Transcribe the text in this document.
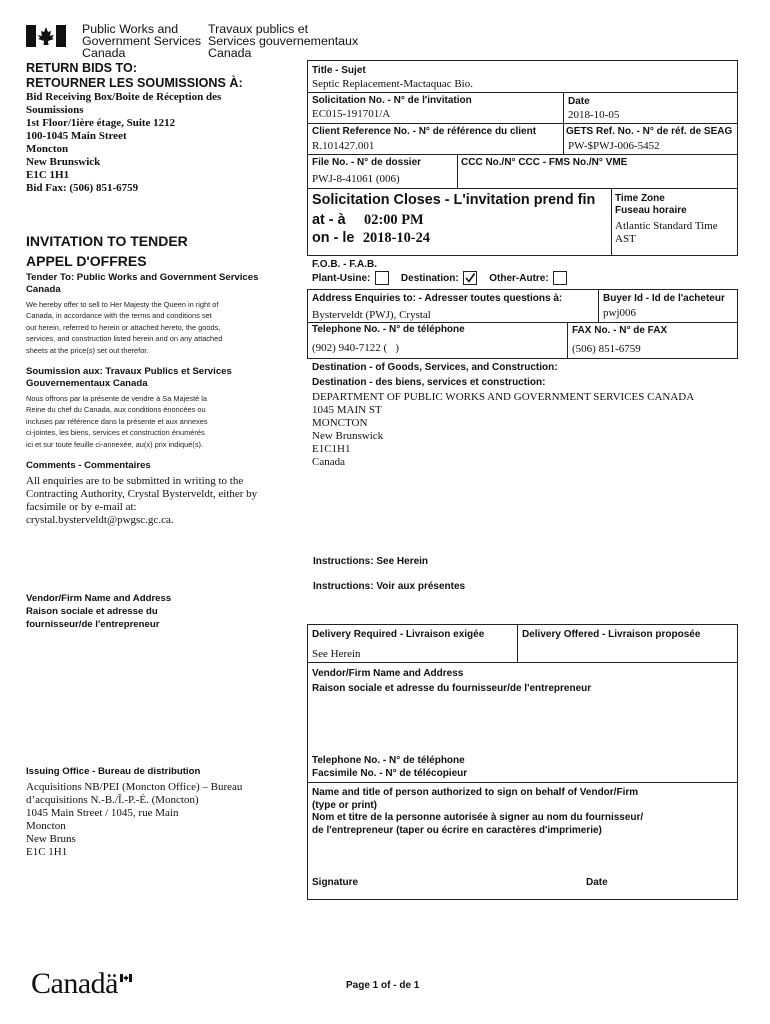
Public Works and
Government Services
Canada
Travaux publics et
Services gouvernementaux
Canada
RETURN BIDS TO:
RETOURNER LES SOUMISSIONS À:
Bid Receiving Box/Boite de Réception des
Soumissions
1st Floor/1ière étage, Suite 1212
100-1045 Main Street
Moncton
New Brunswick
E1C 1H1
Bid Fax: (506) 851-6759
INVITATION TO TENDER
APPEL D'OFFRES
Tender To: Public Works and Government Services
Canada
We hereby offer to sell to Her Majesty the Queen in right of
Canada, in accordance with the terms and conditions set
out herein, referred to herein or attached hereto, the goods,
services, and construction listed herein and on any attached
sheets at the price(s) set out therefor.
Soumission aux: Travaux Publics et Services
Gouvernementaux Canada
Nous offrons par la présente de vendre à Sa Majesté la
Reine du chef du Canada, aux conditions énoncées ou
incluses par référence dans la présente et aux annexes
ci-jointes, les biens, services et construction énumérés
ici et sur toute feuille ci-annexée, au(x) prix indiqué(s).
Comments - Commentaires
All enquiries are to be submitted in writing to the
Contracting Authority, Crystal Bysterveldt, either by
facsimile or by e-mail at:
crystal.bysterveldt@pwgsc.gc.ca.
Vendor/Firm Name and Address
Raison sociale et adresse du
fournisseur/de l'entrepreneur
Issuing Office - Bureau de distribution
Acquisitions NB/PEI (Moncton Office) – Bureau
d’acquisitions N.-B./Î.-P.-É. (Moncton)
1045 Main Street / 1045, rue Main
Moncton
New Bruns
E1C 1H1
Title - Sujet
Septic Replacement-Mactaquac Bio.
Solicitation No. - N° de l'invitation
EC015-191701/A
Date
2018-10-05
Client Reference No. - N° de référence du client
R.101427.001
GETS Ref. No. - N° de réf. de SEAG
PW-$PWJ-006-5452
File No. - N° de dossier
PWJ-8-41061 (006)
CCC No./N° CCC - FMS No./N° VME
Solicitation Closes - L'invitation prend fin
at - à 02:00 PM
on - le 2018-10-24
Time Zone
Fuseau horaire
Atlantic Standard Time
AST
F.O.B. - F.A.B.
Plant-Usine:	Destination:	Other-Autre:
Address Enquiries to: - Adresser toutes questions à:
Bysterveldt (PWJ), Crystal
Buyer Id - Id de l'acheteur
pwj006
Telephone No. - N° de téléphone
(902) 940-7122 (   )
FAX No. - N° de FAX
(506) 851-6759
Destination - of Goods, Services, and Construction:
Destination - des biens, services et construction:
DEPARTMENT OF PUBLIC WORKS AND GOVERNMENT SERVICES CANADA
1045 MAIN ST
MONCTON
New Brunswick
E1C1H1
Canada
Instructions: See Herein
Instructions: Voir aux présentes
Delivery Required - Livraison exigée
See Herein
Delivery Offered - Livraison proposée
Vendor/Firm Name and Address
Raison sociale et adresse du fournisseur/de l'entrepreneur
Telephone No. - N° de téléphone
Facsimile No. - N° de télécopieur
Name and title of person authorized to sign on behalf of Vendor/Firm
(type or print)
Nom et titre de la personne autorisée à signer au nom du fournisseur/
de l'entrepreneur (taper ou écrire en caractères d'imprimerie)
Signature	Date
Canadä	Page 1 of - de 1
